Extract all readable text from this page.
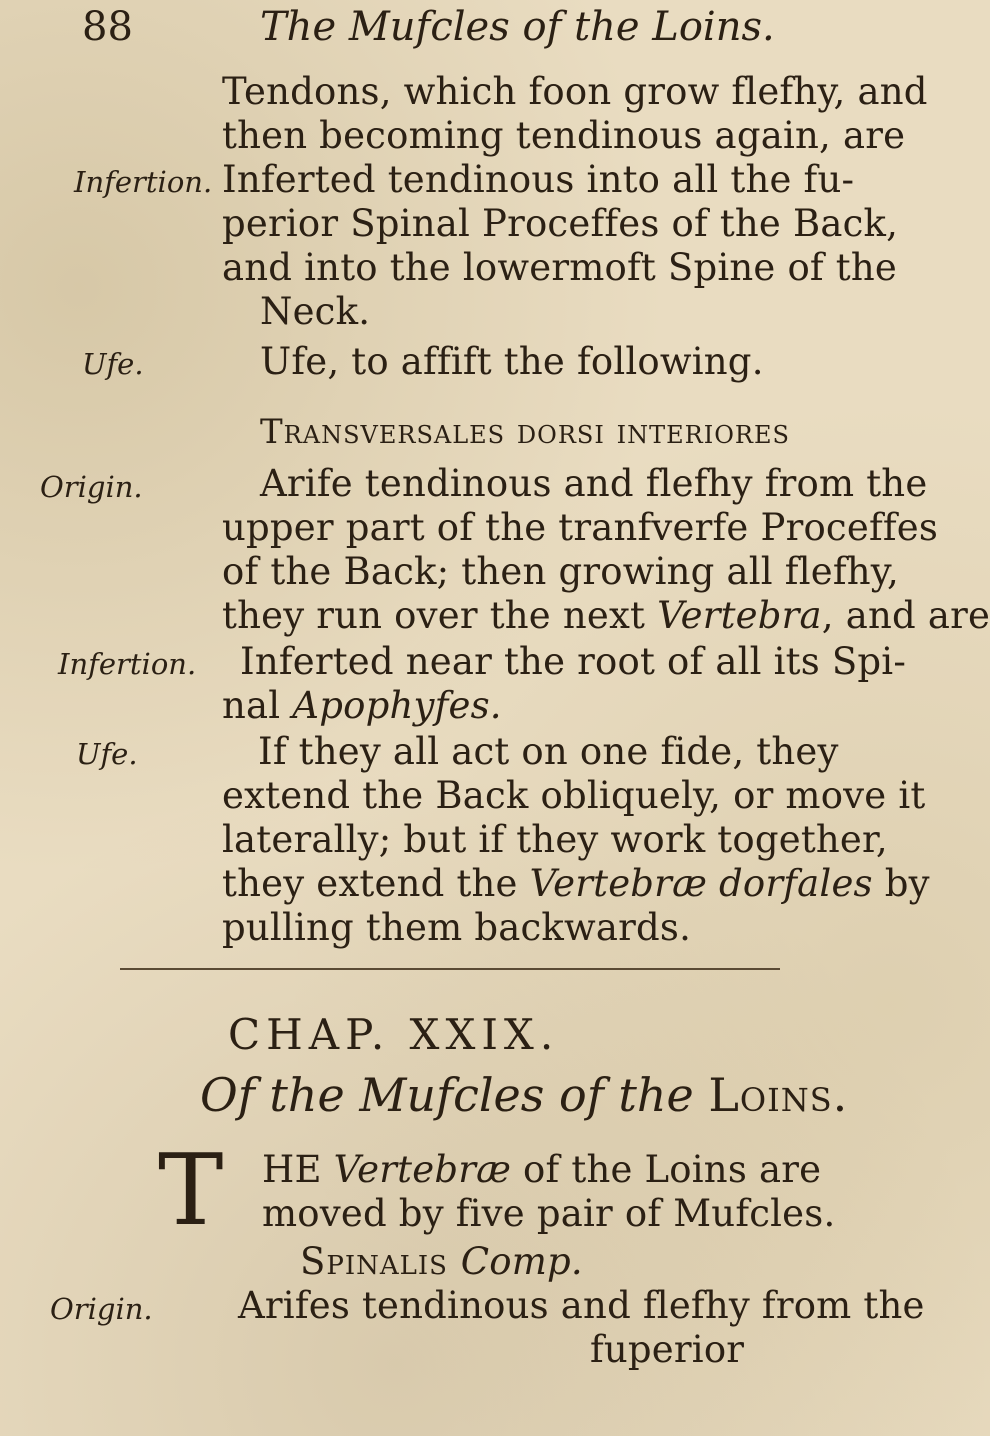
88	The Mufcles of the Loins.
Tendons, which foon grow flefhy, and
then becoming tendinous again, are
Infertion. Inferted tendinous into all the fu-
perior Spinal Proceffes of the Back,
and into the lowermoft Spine of the
Neck.
Ufe.	Ufe, to affift the following.
Transversales dorsi interiores
Origin.	Arife tendinous and flefhy from the
upper part of the tranfverfe Proceffes
of the Back; then growing all flefhy,
they run over the next Vertebra, and are
Infertion. Inferted near the root of all its Spi-
nal Apophyfes.
Ufe.	If they all act on one fide, they
extend the Back obliquely, or move it
laterally; but if they work together,
they extend the Vertebræ dorfales by
pulling them backwards.
CHAP. XXIX.
Of the Mufcles of the Loins.
T HE Vertebræ of the Loins are
moved by five pair of Mufcles.
Spinalis Comp.
Origin. Arifes tendinous and flefhy from the
fuperior
